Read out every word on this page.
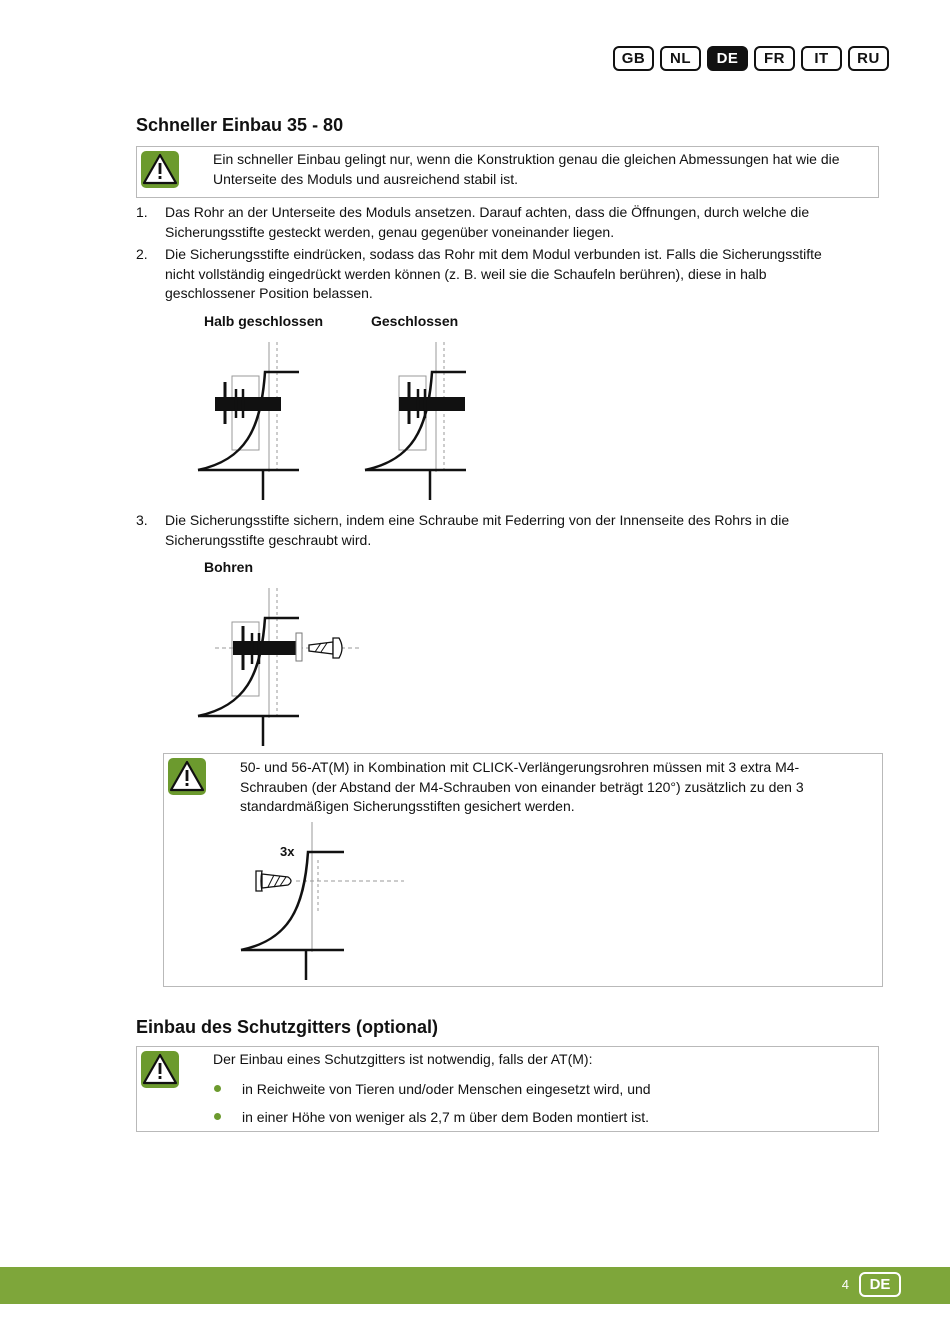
GB	NL	DE	FR	IT	RU
Schneller Einbau 35 - 80
Ein schneller Einbau gelingt nur, wenn die Konstruktion genau die gleichen Abmessungen hat wie die Unterseite des Moduls und ausreichend stabil ist.
1. Das Rohr an der Unterseite des Moduls ansetzen. Darauf achten, dass die Öffnungen, durch welche die Sicherungsstifte gesteckt werden, genau gegenüber voneinander liegen.
2. Die Sicherungsstifte eindrücken, sodass das Rohr mit dem Modul verbunden ist. Falls die Sicherungsstifte nicht vollständig eingedrückt werden können (z. B. weil sie die Schaufeln berühren), diese in halb geschlossener Position belassen.
Halb geschlossen	Geschlossen
3. Die Sicherungsstifte sichern, indem eine Schraube mit Federring von der Innenseite des Rohrs in die Sicherungsstifte geschraubt wird.
Bohren
50- und 56-AT(M) in Kombination mit CLICK-Verlängerungsrohren müssen mit 3 extra M4-Schrauben (der Abstand der M4-Schrauben von einander beträgt 120°) zusätzlich zu den 3 standardmäßigen Sicherungsstiften gesichert werden.
3x
Einbau des Schutzgitters (optional)
Der Einbau eines Schutzgitters ist notwendig, falls der AT(M):
in Reichweite von Tieren und/oder Menschen eingesetzt wird, und
in einer Höhe von weniger als 2,7 m über dem Boden montiert ist.
4	DE
